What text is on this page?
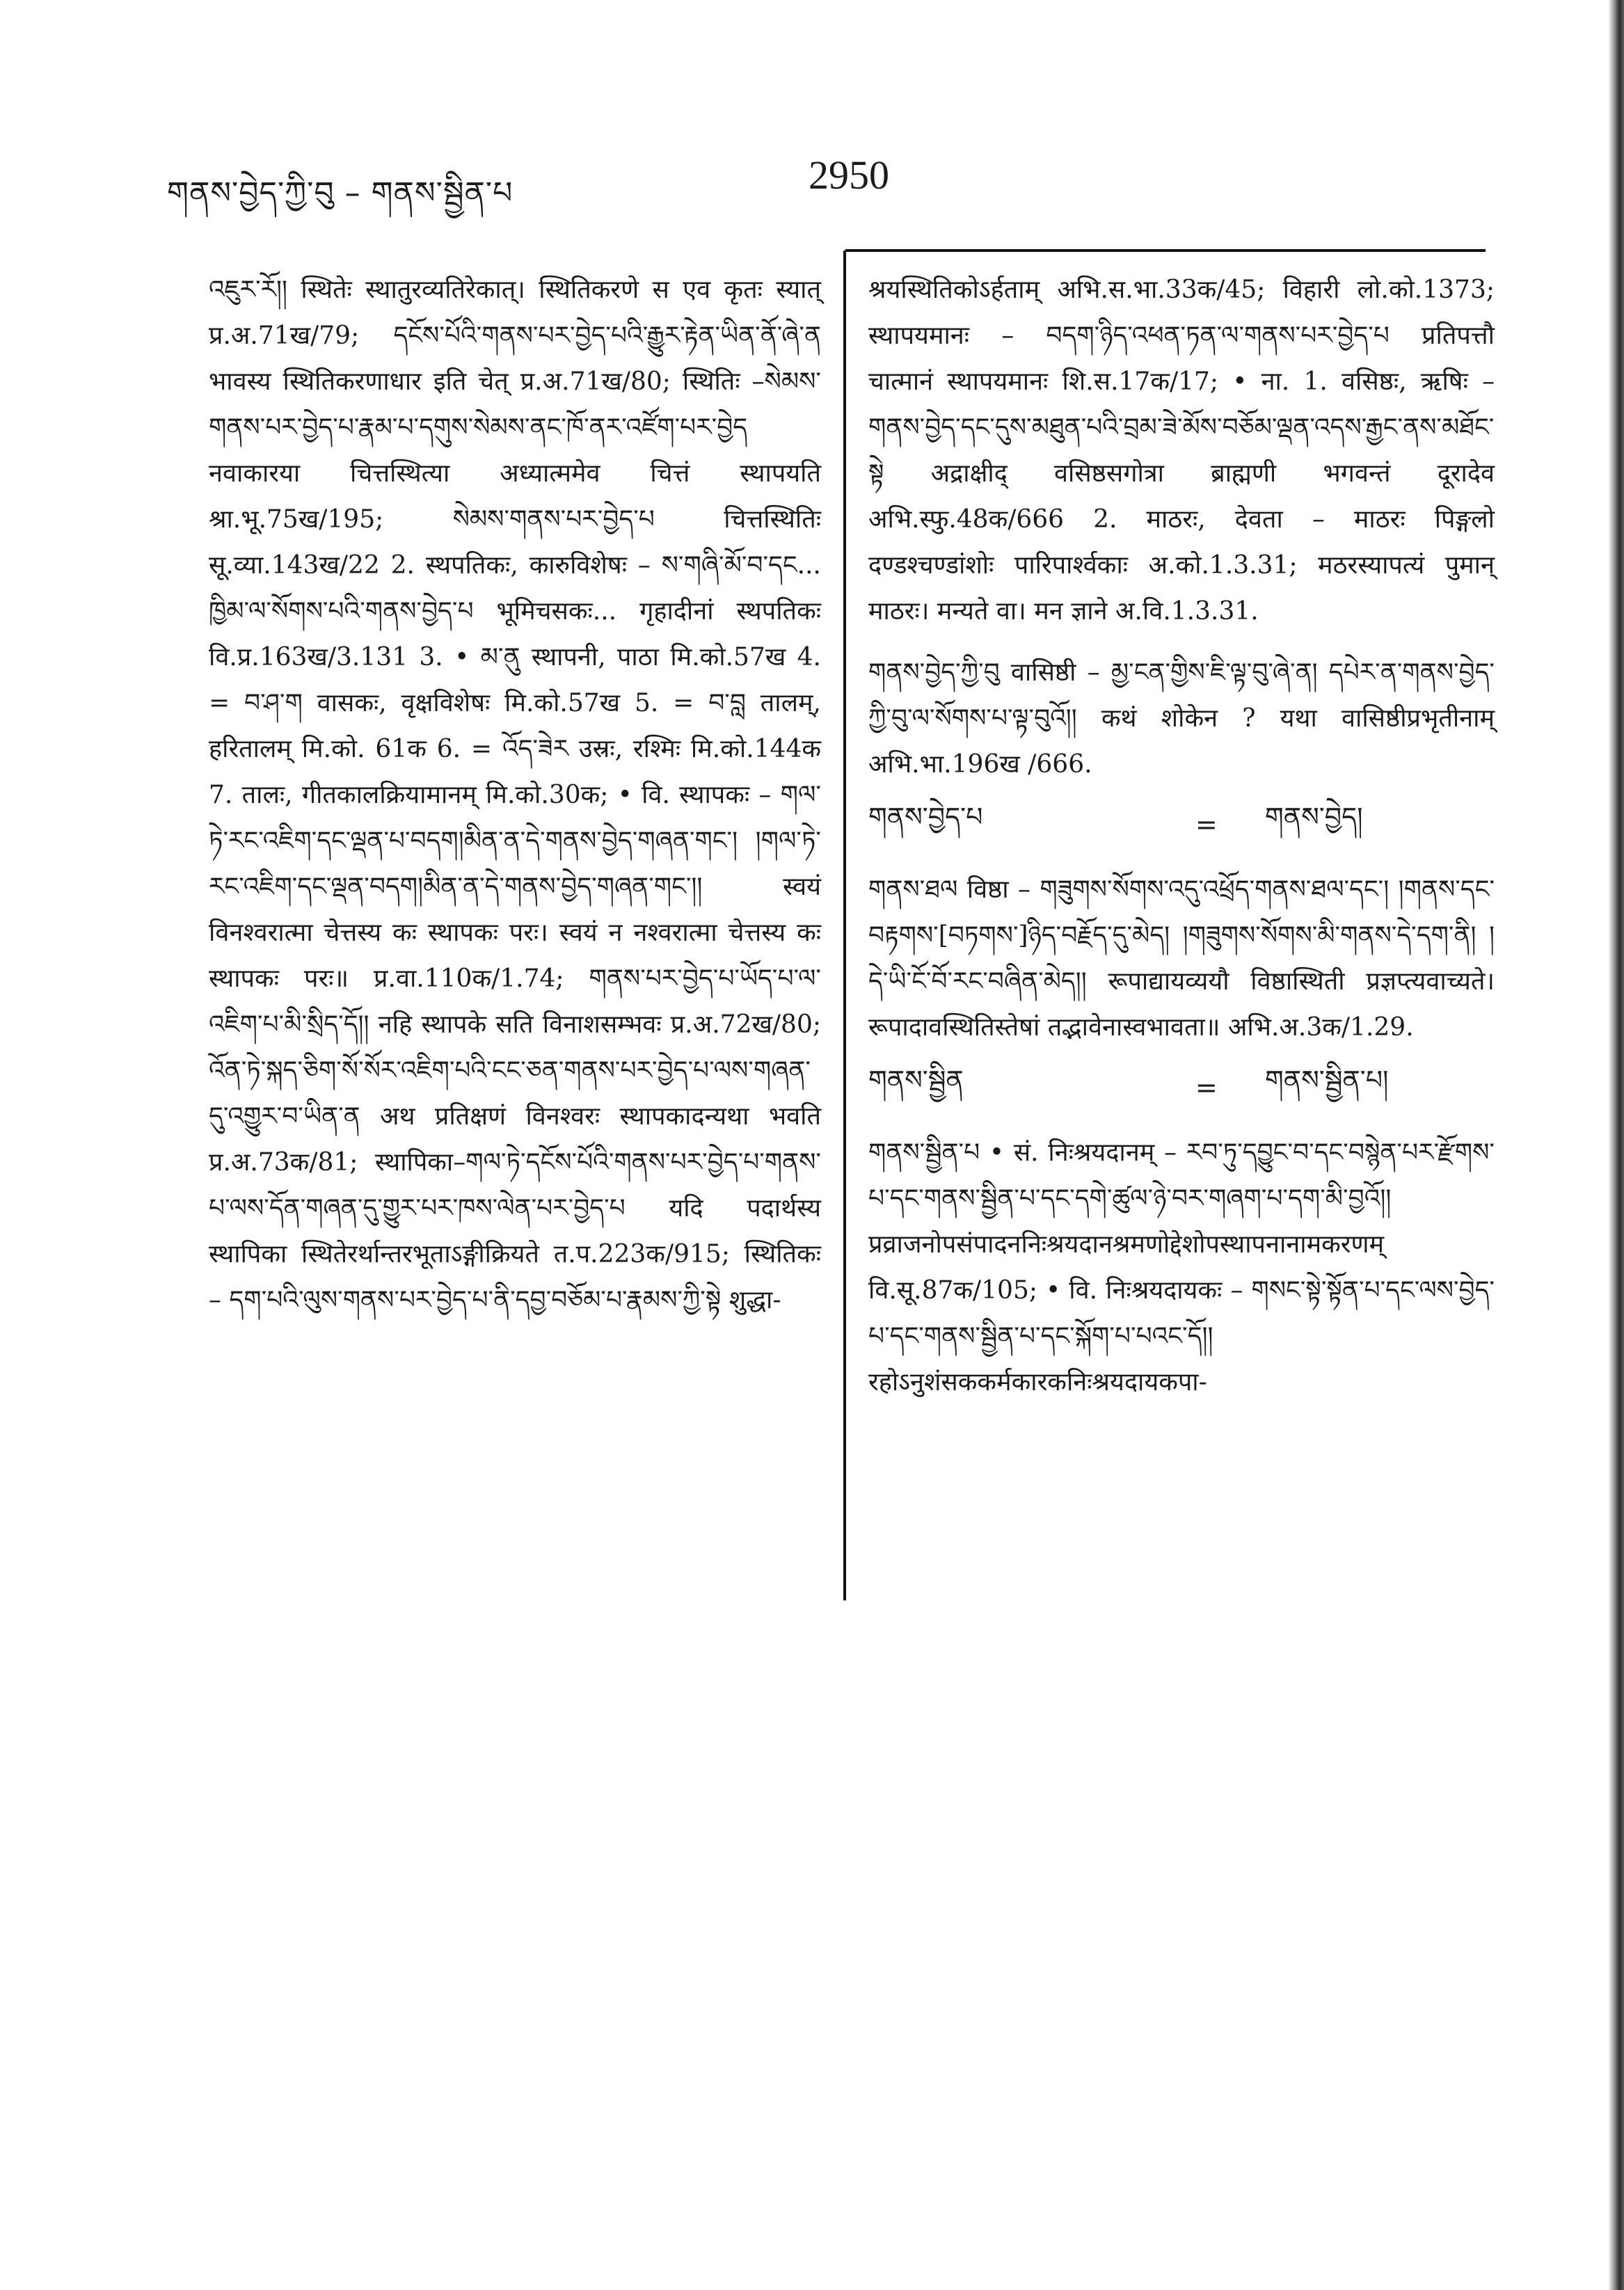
གནས་བྱེད་ཀྱི་བུ – གནས་སྦྱིན་པ	2950

འཇུར་རོ།། स्थितेः स्थातुरव्यतिरेकात्। स्थितिकरणे स एव कृतः स्यात् प्र.अ.71ख/79; དངོས་པོའི་གནས་པར་བྱེད་པའི་རྒྱུར་རྟེན་ཡིན་ནོ་ཞེ་ན भावस्य स्थितिकरणाधार इति चेत् प्र.अ.71ख/80; स्थितिः –སེམས་གནས་པར་བྱེད་པ་རྣམ་པ་དགུས་སེམས་ནང་ཁོ་ནར་འཛོག་པར་བྱེད नवाकारया चित्तस्थित्या अध्यात्ममेव चित्तं स्थापयति श्रा.भू.75ख/195; སེམས་གནས་པར་བྱེད་པ चित्तस्थितिः सू.व्या.143ख/22 2. स्थपतिकः, कारुविशेषः – ས་གཞི་མོ་བ་དང... ཁྱིམ་ལ་སོགས་པའི་གནས་བྱེད་པ भूमिचसकः... गृहादीनां स्थपतिकः वि.प्र.163ख/3.131 3. • མ་ནུ स्थापनी, पाठा मि.को.57ख 4. = བ་ཤ་ག वासकः, वृक्षविशेषः मि.को.57ख 5. = བ་བླ तालम्, हरितालम् मि.को. 61क 6. = འོད་ཟེར उस्रः, रश्मिः मि.को.144क 7. तालः, गीतकालक्रियामानम् मि.को.30क; • वि. स्थापकः – གལ་ཏེ་རང་འཇིག་དང་ལྡན་པ་བདག།མིན་ན་དེ་གནས་བྱེད་གཞན་གང་། །གལ་ཏེ་རང་འཇིག་དང་ལྡན་བདག།མིན་ན་དེ་གནས་བྱེད་གཞན་གང་།། स्वयं विनश्वरात्मा चेत्तस्य कः स्थापकः परः। स्वयं न नश्वरात्मा चेत्तस्य कः स्थापकः परः॥ प्र.वा.110क/1.74; གནས་པར་བྱེད་པ་ཡོད་པ་ལ་འཇིག་པ་མི་སྲིད་དོ།། नहि स्थापके सति विनाशसम्भवः प्र.अ.72ख/80; འོན་ཏེ་སྐད་ཅིག་སོ་སོར་འཇིག་པའི་ངང་ཅན་གནས་པར་བྱེད་པ་ལས་གཞན་དུ་འགྱུར་བ་ཡིན་ན अथ प्रतिक्षणं विनश्वरः स्थापकादन्यथा भवति प्र.अ.73क/81; स्थापिका–གལ་ཏེ་དངོས་པོའི་གནས་པར་བྱེད་པ་གནས་པ་ལས་དོན་གཞན་དུ་གྱུར་པར་ཁས་ལེན་པར་བྱེད་པ यदि पदार्थस्य स्थापिका स्थितेरर्थान्तरभूताऽङ्गीक्रियते त.प.223क/915; स्थितिकः – དག་པའི་ལུས་གནས་པར་བྱེད་པ་ནི་དབྱ་བཅོམ་པ་རྣམས་ཀྱི་སྟེ शुद्धा-

श्रयस्थितिकोऽर्हताम् अभि.स.भा.33क/45; विहारी लो.को.1373; स्थापयमानः – བདག་ཉིད་འཕན་ཏན་ལ་གནས་པར་བྱེད་པ प्रतिपत्तौ चात्मानं स्थापयमानः शि.स.17क/17; • ना. 1. वसिष्ठः, ऋषिः – གནས་བྱེད་དང་དུས་མཐུན་པའི་བྲམ་ཟེ་མོས་བཅོམ་ལྡན་འདས་རྒྱང་ནས་མཐོང་སྟེ अद्राक्षीद् वसिष्ठसगोत्रा ब्राह्मणी भगवन्तं दूरादेव अभि.स्फु.48क/666 2. माठरः, देवता – माठरः पिङ्गलो दण्डश्चण्डांशोः पारिपार्श्वकाः अ.को.1.3.31; मठरस्यापत्यं पुमान् माठरः। मन्यते वा। मन ज्ञाने अ.वि.1.3.31.

གནས་བྱེད་ཀྱི་བུ वासिष्ठी – མྱ་ངན་གྱིས་ཇི་ལྟ་བུ་ཞེ་ན། དཔེར་ན་གནས་བྱེད་ཀྱི་བུ་ལ་སོགས་པ་ལྟ་བུའོ།། कथं शोकेन ? यथा वासिष्ठीप्रभृतीनाम् अभि.भा.196ख /666.

གནས་བྱེད་པ	=	གནས་བྱེད།

གནས་ཐལ विष्ठा – གཟུགས་སོགས་འདུ་འཕྲོད་གནས་ཐལ་དང་། །གནས་དང་བརྟགས་[བཏགས་]ཉིད་བརྗོད་དུ་མེད། །གཟུགས་སོགས་མི་གནས་དེ་དག་ནི། །དེ་ཡི་ངོ་བོ་རང་བཞིན་མེད།། रूपाद्यायव्ययौ विष्ठास्थिती प्रज्ञप्त्यवाच्यते। रूपादावस्थितिस्तेषां तद्भावेनास्वभावता॥ अभि.अ.3क/1.29.

གནས་སྦྱིན	=	གནས་སྦྱིན་པ།

གནས་སྦྱིན་པ • सं. निःश्रयदानम् – རབ་ཏུ་དབྱུང་བ་དང་བསྙེན་པར་རྫོགས་པ་དང་གནས་སྦྱིན་པ་དང་དགེ་ཚུལ་ཉེ་བར་གཞག་པ་དག་མི་བྱའོ།། प्रव्राजनोपसंपादननिःश्रयदानश्रमणोद्देशोपस्थापनानामकरणम् वि.सू.87क/105; • वि. निःश्रयदायकः – གསང་སྟེ་སྟོན་པ་དང་ལས་བྱེད་པ་དང་གནས་སྦྱིན་པ་དང་སྐོག་པ་པའང་དོ།། रहोऽनुशंसककर्मकारकनिःश्रयदायकपा-
